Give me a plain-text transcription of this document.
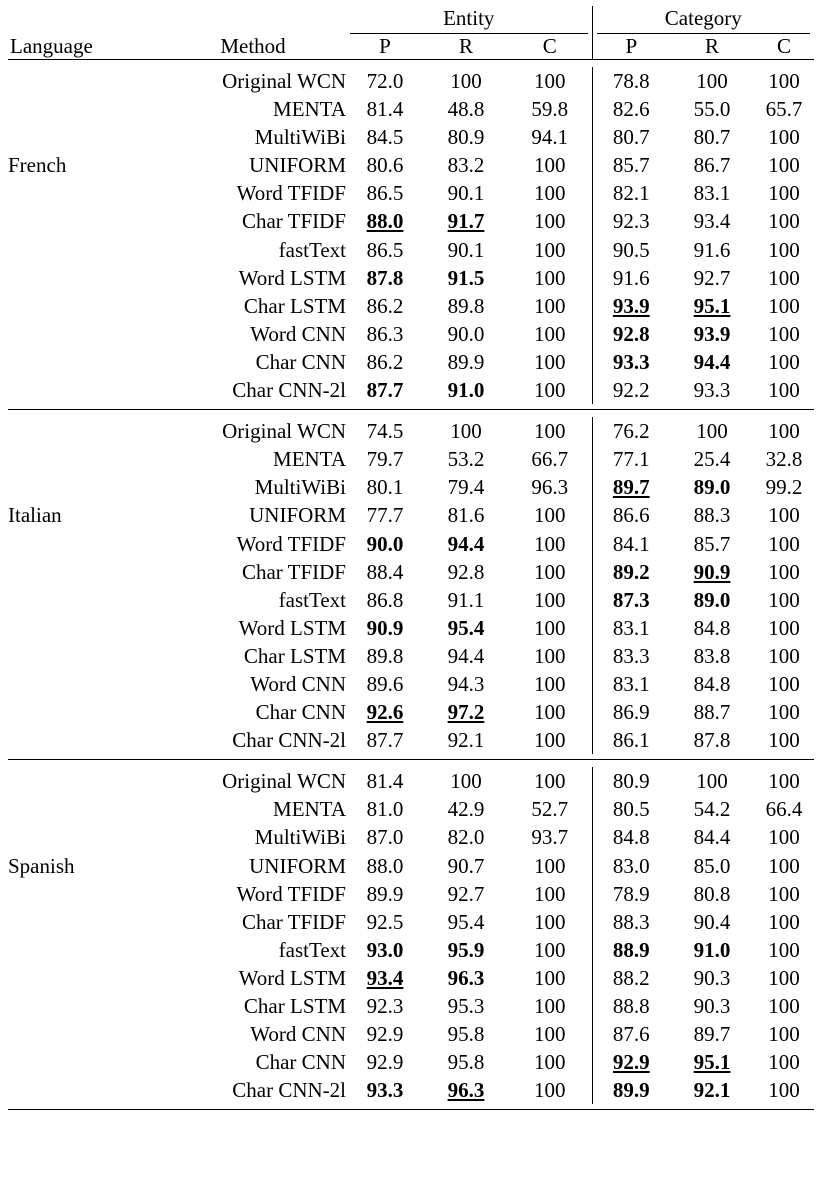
		Entity			Category		

Language	Method	P	R	C	P	R	C

	Original WCN	72.0	100	100	78.8	100	100
	MENTA	81.4	48.8	59.8	82.6	55.0	65.7
	MultiWiBi	84.5	80.9	94.1	80.7	80.7	100
French	UNIFORM	80.6	83.2	100	85.7	86.7	100
	Word TFIDF	86.5	90.1	100	82.1	83.1	100
	Char TFIDF	88.0	91.7	100	92.3	93.4	100
	fastText	86.5	90.1	100	90.5	91.6	100
	Word LSTM	87.8	91.5	100	91.6	92.7	100
	Char LSTM	86.2	89.8	100	93.9	95.1	100
	Word CNN	86.3	90.0	100	92.8	93.9	100
	Char CNN	86.2	89.9	100	93.3	94.4	100
	Char CNN-2l	87.7	91.0	100	92.2	93.3	100

	Original WCN	74.5	100	100	76.2	100	100
	MENTA	79.7	53.2	66.7	77.1	25.4	32.8
	MultiWiBi	80.1	79.4	96.3	89.7	89.0	99.2
Italian	UNIFORM	77.7	81.6	100	86.6	88.3	100
	Word TFIDF	90.0	94.4	100	84.1	85.7	100
	Char TFIDF	88.4	92.8	100	89.2	90.9	100
	fastText	86.8	91.1	100	87.3	89.0	100
	Word LSTM	90.9	95.4	100	83.1	84.8	100
	Char LSTM	89.8	94.4	100	83.3	83.8	100
	Word CNN	89.6	94.3	100	83.1	84.8	100
	Char CNN	92.6	97.2	100	86.9	88.7	100
	Char CNN-2l	87.7	92.1	100	86.1	87.8	100

	Original WCN	81.4	100	100	80.9	100	100
	MENTA	81.0	42.9	52.7	80.5	54.2	66.4
	MultiWiBi	87.0	82.0	93.7	84.8	84.4	100
Spanish	UNIFORM	88.0	90.7	100	83.0	85.0	100
	Word TFIDF	89.9	92.7	100	78.9	80.8	100
	Char TFIDF	92.5	95.4	100	88.3	90.4	100
	fastText	93.0	95.9	100	88.9	91.0	100
	Word LSTM	93.4	96.3	100	88.2	90.3	100
	Char LSTM	92.3	95.3	100	88.8	90.3	100
	Word CNN	92.9	95.8	100	87.6	89.7	100
	Char CNN	92.9	95.8	100	92.9	95.1	100
	Char CNN-2l	93.3	96.3	100	89.9	92.1	100
